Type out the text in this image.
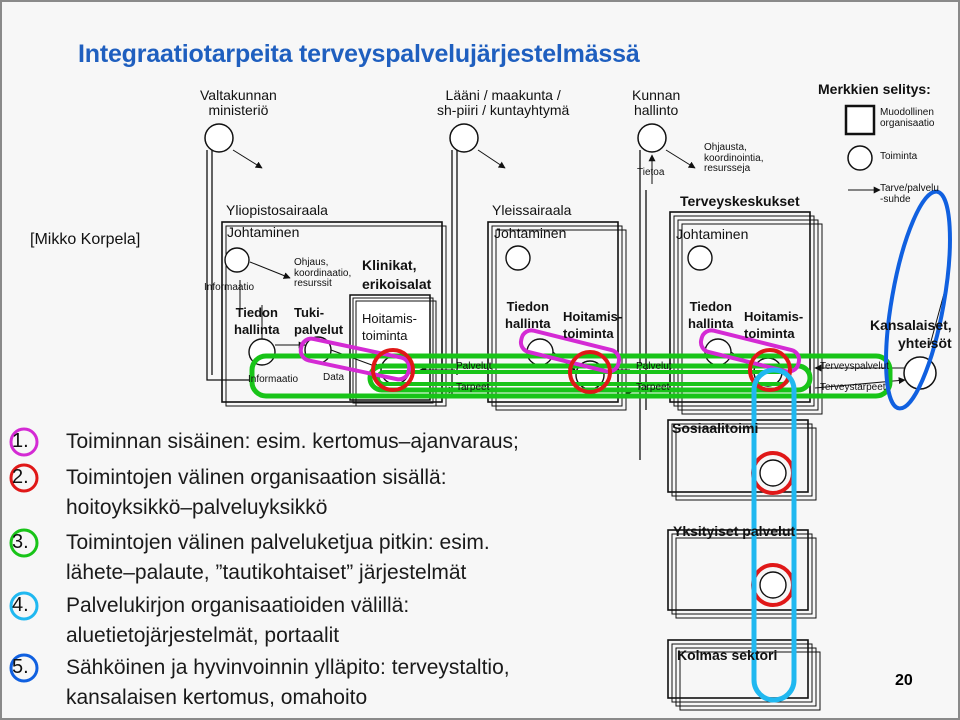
Integraatiotarpeita terveyspalvelujärjestelmässä
[Mikko Korpela]
Valtakunnan
ministeriö
Lääni / maakunta /
sh-piiri / kuntayhtymä
Kunnan
hallinto
Merkkien selitys:
Muodollinen
organisaatio
Toiminta
Tarve/palvelu
-suhde
Yliopistosairaala
Johtaminen
Informaatio
Ohjaus,
koordinaatio,
resurssit
Klinikat,
erikoisalat
Tiedon
hallinta
Tuki-
palvelut
Hoitamis-
toiminta
Informaatio Data
Yleissairaala
Johtaminen
Tiedon
hallinta Hoitamis-
toiminta
Palvelut
Tarpeet
Tietoa
Ohjausta,
koordinointia,
resursseja
Terveyskeskukset
Johtaminen
Tiedon
hallinta Hoitamis-
toiminta
Palvelut
Tarpeet
Kansalaiset,
yhteisöt
Terveyspalvelut
Terveystarpeet
Sosiaalitoimi
Yksityiset palvelut
Kolmas sektori
1.	Toiminnan sisäinen: esim. kertomus–ajanvaraus;
2.	Toimintojen välinen organisaation sisällä:
hoitoyksikkö–palveluyksikkö
3.	Toimintojen välinen palveluketjua pitkin: esim.
lähete–palaute, ”tautikohtaiset” järjestelmät
4.	Palvelukirjon organisaatioiden välillä:
aluetietojärjestelmät, portaalit
5.	Sähköinen ja hyvinvoinnin ylläpito: terveystaltio,
kansalaisen kertomus, omahoito
20
